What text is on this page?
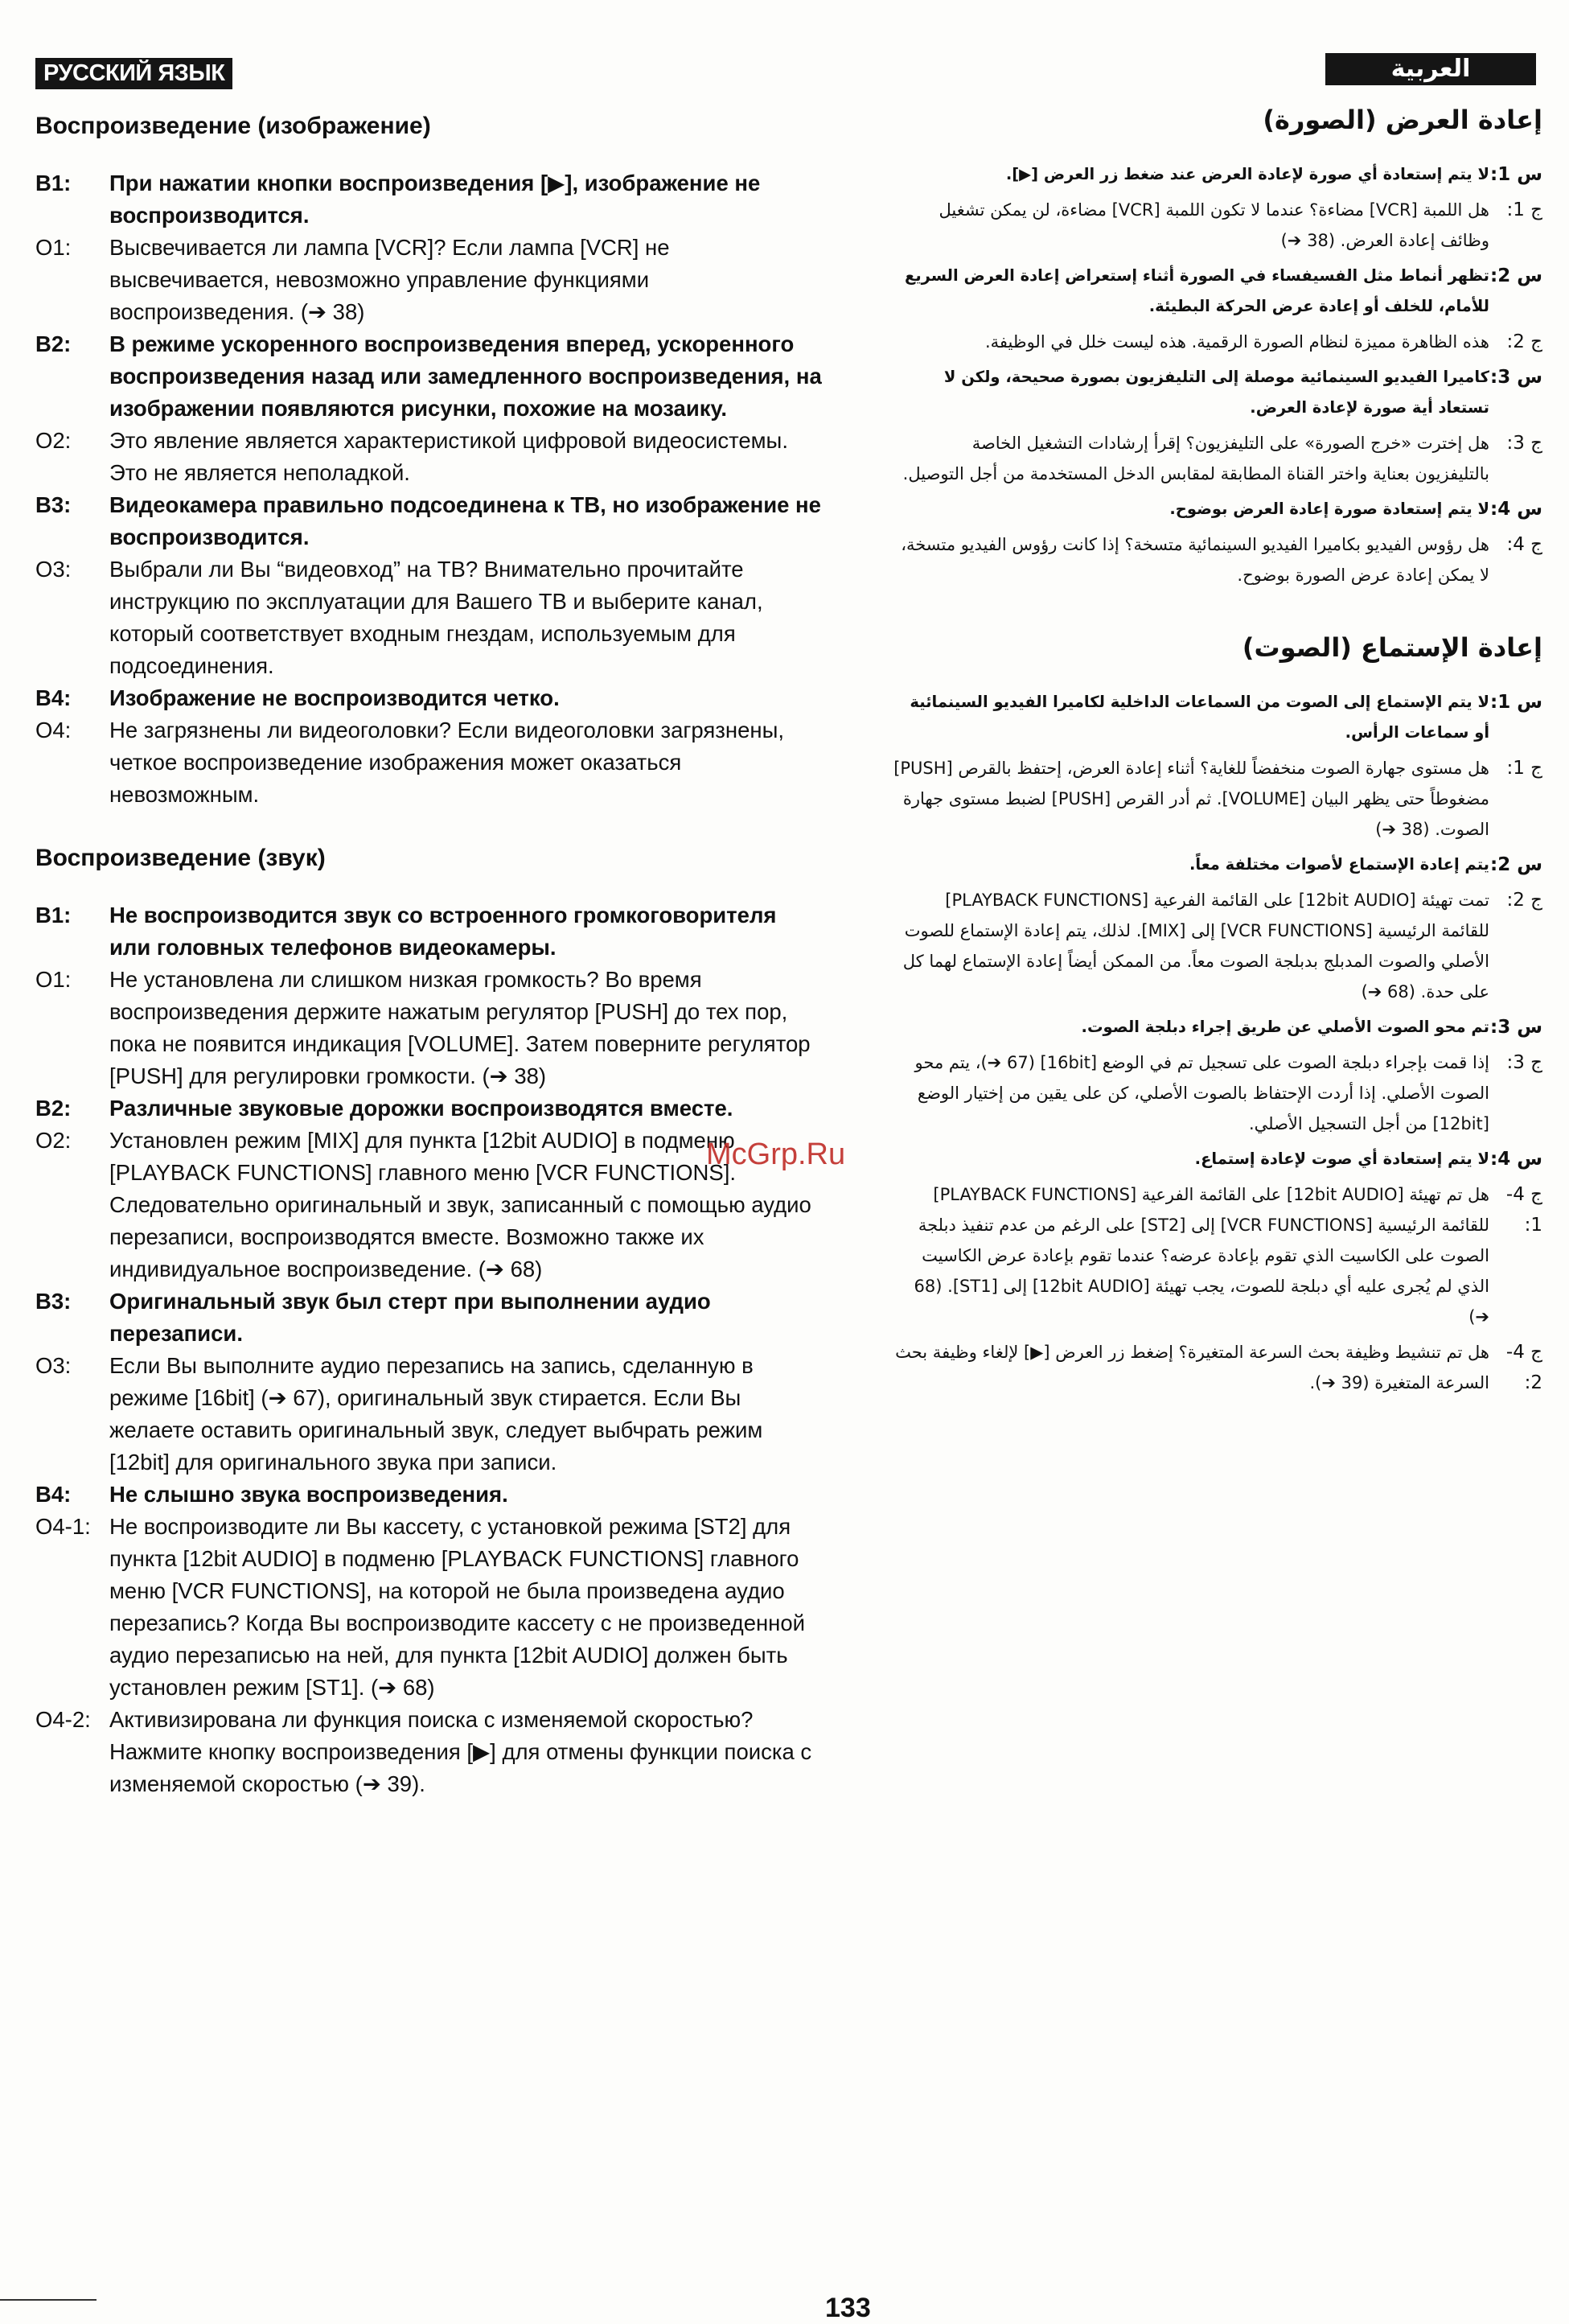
РУССКИЙ ЯЗЫК	العربية
Воспроизведение (изображение)
B1:	При нажатии кнопки воспроизведения [▶], изображение не воспроизводится.
O1:	Высвечивается ли лампа [VCR]? Если лампа [VCR] не высвечивается, невозможно управление функциями воспроизведения. (➔ 38)
B2:	В режиме ускоренного воспроизведения вперед, ускоренного воспроизведения назад или замедленного воспроизведения, на изображении появляются рисунки, похожие на мозаику.
O2:	Это явление является характеристикой цифровой видеосистемы. Это не является неполадкой.
B3:	Видеокамера правильно подсоединена к ТВ, но изображение не воспроизводится.
O3:	Выбрали ли Вы “видеовход” на ТВ? Внимательно прочитайте инструкцию по эксплуатации для Вашего ТВ и выберите канал, который соответствует входным гнездам, используемым для подсоединения.
B4:	Изображение не воспроизводится четко.
O4:	Не загрязнены ли видеоголовки? Если видеоголовки загрязнены, четкое воспроизведение изображения может оказаться невозможным.
Воспроизведение (звук)
B1:	Не воспроизводится звук со встроенного громкоговорителя или головных телефонов видеокамеры.
O1:	Не установлена ли слишком низкая громкость? Во время воспроизведения держите нажатым регулятор [PUSH] до тех пор, пока не появится индикация [VOLUME]. Затем поверните регулятор [PUSH] для регулировки громкости. (➔ 38)
B2:	Различные звуковые дорожки воспроизводятся вместе.
O2:	Установлен режим [MIX] для пункта [12bit AUDIO] в подменю [PLAYBACK FUNCTIONS] главного меню [VCR FUNCTIONS]. Следовательно оригинальный и звук, записанный с помощью аудио перезаписи, воспроизводятся вместе. Возможно также их индивидуальное воспроизведение. (➔ 68)
B3:	Оригинальный звук был стерт при выполнении аудио перезаписи.
O3:	Если Вы выполните аудио перезапись на запись, сделанную в режиме [16bit] (➔ 67), оригинальный звук стирается. Если Вы желаете оставить оригинальный звук, следует выбчрать режим [12bit] для оригинального звука при записи.
B4:	Не слышно звука воспроизведения.
O4-1: Не воспроизводите ли Вы кассету, с установкой режима [ST2] для пункта [12bit AUDIO] в подменю [PLAYBACK FUNCTIONS] главного меню [VCR FUNCTIONS], на которой не была произведена аудио перезапись? Когда Вы воспроизводите кассету с не произведенной аудио перезаписью на ней, для пункта [12bit AUDIO] должен быть установлен режим [ST1]. (➔ 68)
O4-2: Активизирована ли функция поиска с изменяемой скоростью? Нажмите кнопку воспроизведения [▶] для отмены функции поиска с изменяемой скоростью (➔ 39).
إعادة العرض (الصورة)
س 1:
لا يتم إستعادة أي صورة لإعادة العرض عند ضغط زر العرض [▶].
ج 1:
هل اللمبة [VCR] مضاءة؟ عندما لا تكون اللمبة [VCR] مضاءة، لن يمكن تشغيل وظائف إعادة العرض. (38 ➔)
س 2:
تظهر أنماط مثل الفسيفساء في الصورة أثناء إستعراض إعادة العرض السريع للأمام، للخلف أو إعادة عرض الحركة البطيئة.
ج 2:
هذه الظاهرة مميزة لنظام الصورة الرقمية. هذه ليست خلل في الوظيفة.
س 3:
كاميرا الفيديو السينمائية موصلة إلى التليفزيون بصورة صحيحة، ولكن لا تستعاد أية صورة لإعادة العرض.
ج 3:
هل إخترت «خرج الصورة» على التليفزيون؟ إقرأ إرشادات التشغيل الخاصة بالتليفزيون بعناية واختر القناة المطابقة لمقابس الدخل المستخدمة من أجل التوصيل.
س 4:
لا يتم إستعادة صورة إعادة العرض بوضوح.
ج 4:
هل رؤوس الفيديو بكاميرا الفيديو السينمائية متسخة؟ إذا كانت رؤوس الفيديو متسخة، لا يمكن إعادة عرض الصورة بوضوح.
إعادة الإستماع (الصوت)
س 1:
لا يتم الإستماع إلى الصوت من السماعات الداخلية لكاميرا الفيديو السينمائية أو سماعات الرأس.
ج 1:
هل مستوى جهارة الصوت منخفضاً للغاية؟ أثناء إعادة العرض، إحتفظ بالقرص [PUSH] مضغوطاً حتى يظهر البيان [VOLUME]. ثم أدر القرص [PUSH] لضبط مستوى جهارة الصوت. (38 ➔)
س 2:
يتم إعادة الإستماع لأصوات مختلفة معاً.
ج 2:
تمت تهيئة [12bit AUDIO] على القائمة الفرعية [PLAYBACK FUNCTIONS] للقائمة الرئيسية [VCR FUNCTIONS] إلى [MIX]. لذلك، يتم إعادة الإستماع للصوت الأصلي والصوت المدبلج بدبلجة الصوت معاً. من الممكن أيضاً إعادة الإستماع لهما كل على حدة. (68 ➔)
س 3:
تم محو الصوت الأصلي عن طريق إجراء دبلجة الصوت.
ج 3:
إذا قمت بإجراء دبلجة الصوت على تسجيل تم في الوضع [16bit] (67 ➔)، يتم محو الصوت الأصلي. إذا أردت الإحتفاظ بالصوت الأصلي، كن على يقين من إختيار الوضع [12bit] من أجل التسجيل الأصلي.
س 4:
لا يتم إستعادة أي صوت لإعادة إستماع.
ج 4-1:
هل تم تهيئة [12bit AUDIO] على القائمة الفرعية [PLAYBACK FUNCTIONS] للقائمة الرئيسية [VCR FUNCTIONS] إلى [ST2] على الرغم من عدم تنفيذ دبلجة الصوت على الكاسيت الذي تقوم بإعادة عرضه؟ عندما تقوم بإعادة عرض الكاسيت الذي لم يُجرى عليه أي دبلجة للصوت، يجب تهيئة [12bit AUDIO] إلى [ST1]. (68 ➔)
ج 4-2:
هل تم تنشيط وظيفة بحث السرعة المتغيرة؟ إضغط زر العرض [▶] لإلغاء وظيفة بحث السرعة المتغيرة (39 ➔).
McGrp.Ru
133
